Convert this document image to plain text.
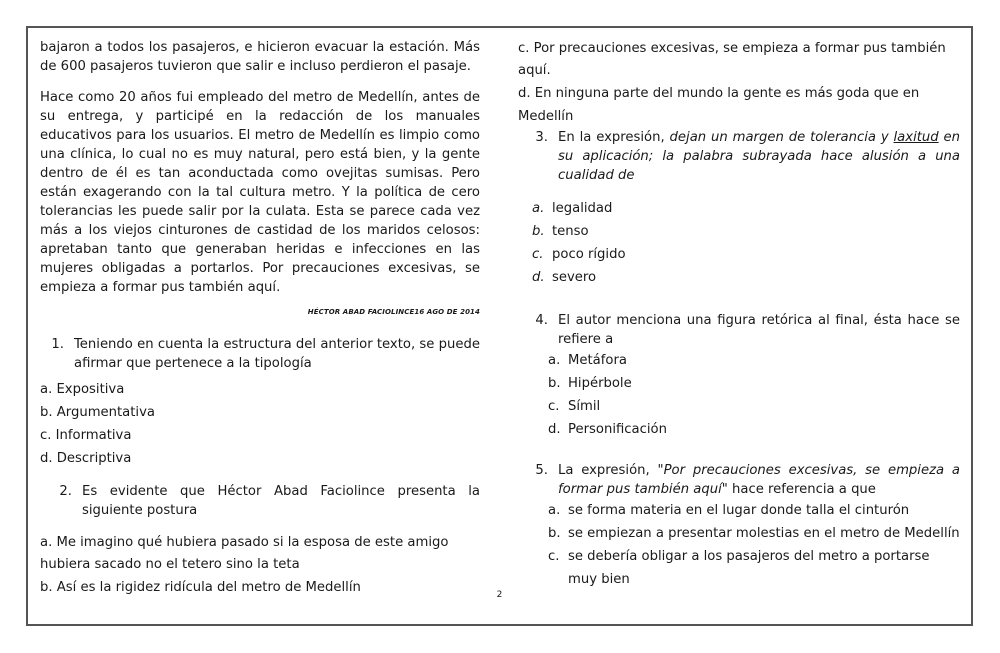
bajaron a todos los pasajeros, e hicieron evacuar la estación. Más de 600 pasajeros tuvieron que salir e incluso perdieron el pasaje.

Hace como 20 años fui empleado del metro de Medellín, antes de su entrega, y participé en la redacción de los manuales educativos para los usuarios. El metro de Medellín es limpio como una clínica, lo cual no es muy natural, pero está bien, y la gente dentro de él es tan aconductada como ovejitas sumisas. Pero están exagerando con la tal cultura metro. Y la política de cero tolerancias les puede salir por la culata. Esta se parece cada vez más a los viejos cinturones de castidad de los maridos celosos: apretaban tanto que generaban heridas e infecciones en las mujeres obligadas a portarlos. Por precauciones excesivas, se empieza a formar pus también aquí.

HÉCTOR ABAD FACIOLINCE16 AGO DE 2014
1. Teniendo en cuenta la estructura del anterior texto, se puede afirmar que pertenece a la tipología
a. Expositiva
b. Argumentativa
c. Informativa
d. Descriptiva
2. Es evidente que Héctor Abad Faciolince presenta la siguiente postura
a. Me imagino qué hubiera pasado si la esposa de este amigo hubiera sacado no el tetero sino la teta
b. Así es la rigidez ridícula del metro de Medellín
c. Por precauciones excesivas, se empieza a formar pus también aquí.
d. En ninguna parte del mundo la gente es más goda que en Medellín
3. En la expresión, dejan un margen de tolerancia y laxitud en su aplicación; la palabra subrayada hace alusión a una cualidad de
a. legalidad
b. tenso
c. poco rígido
d. severo
4. El autor menciona una figura retórica al final, ésta hace se refiere a
a. Metáfora
b. Hipérbole
c. Símil
d. Personificación
5. La expresión, "Por precauciones excesivas, se empieza a formar pus también aquí" hace referencia a que
a. se forma materia en el lugar donde talla el cinturón
b. se empiezan a presentar molestias en el metro de Medellín
c. se debería obligar a los pasajeros del metro a portarse muy bien
2
